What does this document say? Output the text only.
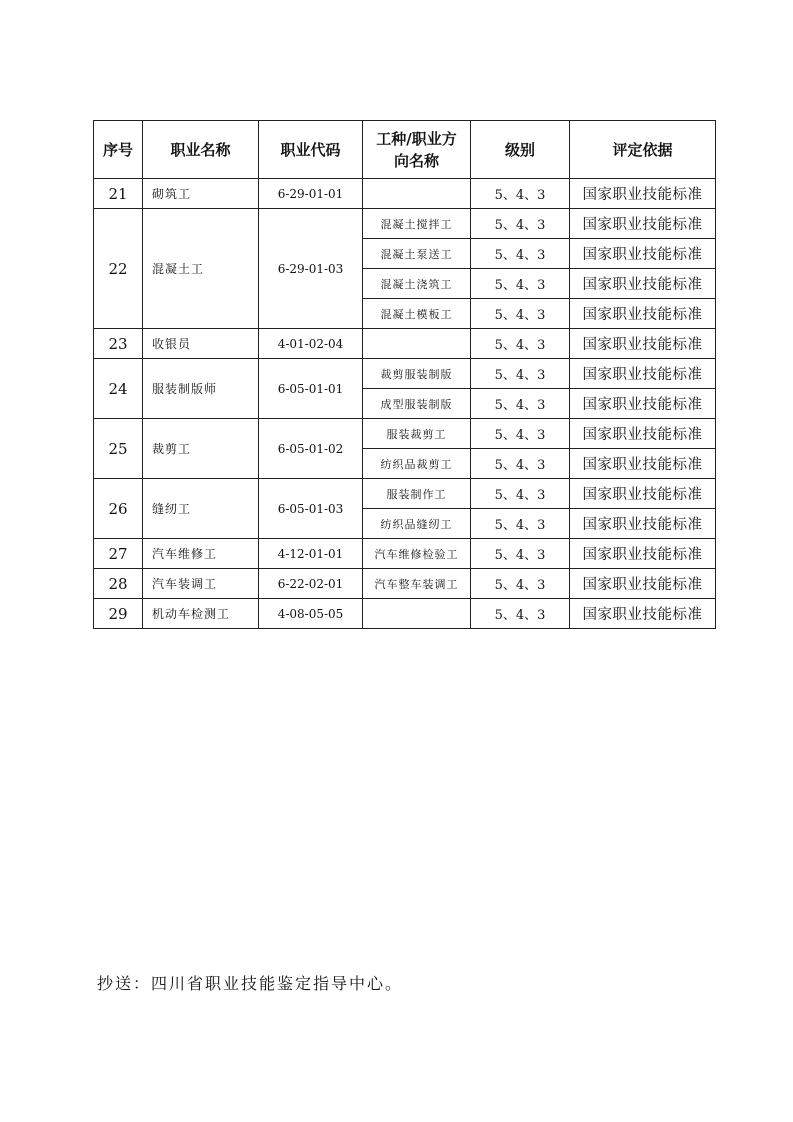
序号	职业名称	职业代码	工种/职业方
向名称	级别	评定依据
21	砌筑工	6-29-01-01		5、4、3	国家职业技能标准
22	混凝土工	6-29-01-03	混凝土搅拌工	5、4、3	国家职业技能标准
			混凝土泵送工	5、4、3	国家职业技能标准
			混凝土浇筑工	5、4、3	国家职业技能标准
			混凝土模板工	5、4、3	国家职业技能标准
23	收银员	4-01-02-04		5、4、3	国家职业技能标准
24	服装制版师	6-05-01-01	裁剪服装制版	5、4、3	国家职业技能标准
			成型服装制版	5、4、3	国家职业技能标准
25	裁剪工	6-05-01-02	服装裁剪工	5、4、3	国家职业技能标准
			纺织品裁剪工	5、4、3	国家职业技能标准
26	缝纫工	6-05-01-03	服装制作工	5、4、3	国家职业技能标准
			纺织品缝纫工	5、4、3	国家职业技能标准
27	汽车维修工	4-12-01-01	汽车维修检验工	5、4、3	国家职业技能标准
28	汽车装调工	6-22-02-01	汽车整车装调工	5、4、3	国家职业技能标准
29	机动车检测工	4-08-05-05		5、4、3	国家职业技能标准
抄送：四川省职业技能鉴定指导中心。
